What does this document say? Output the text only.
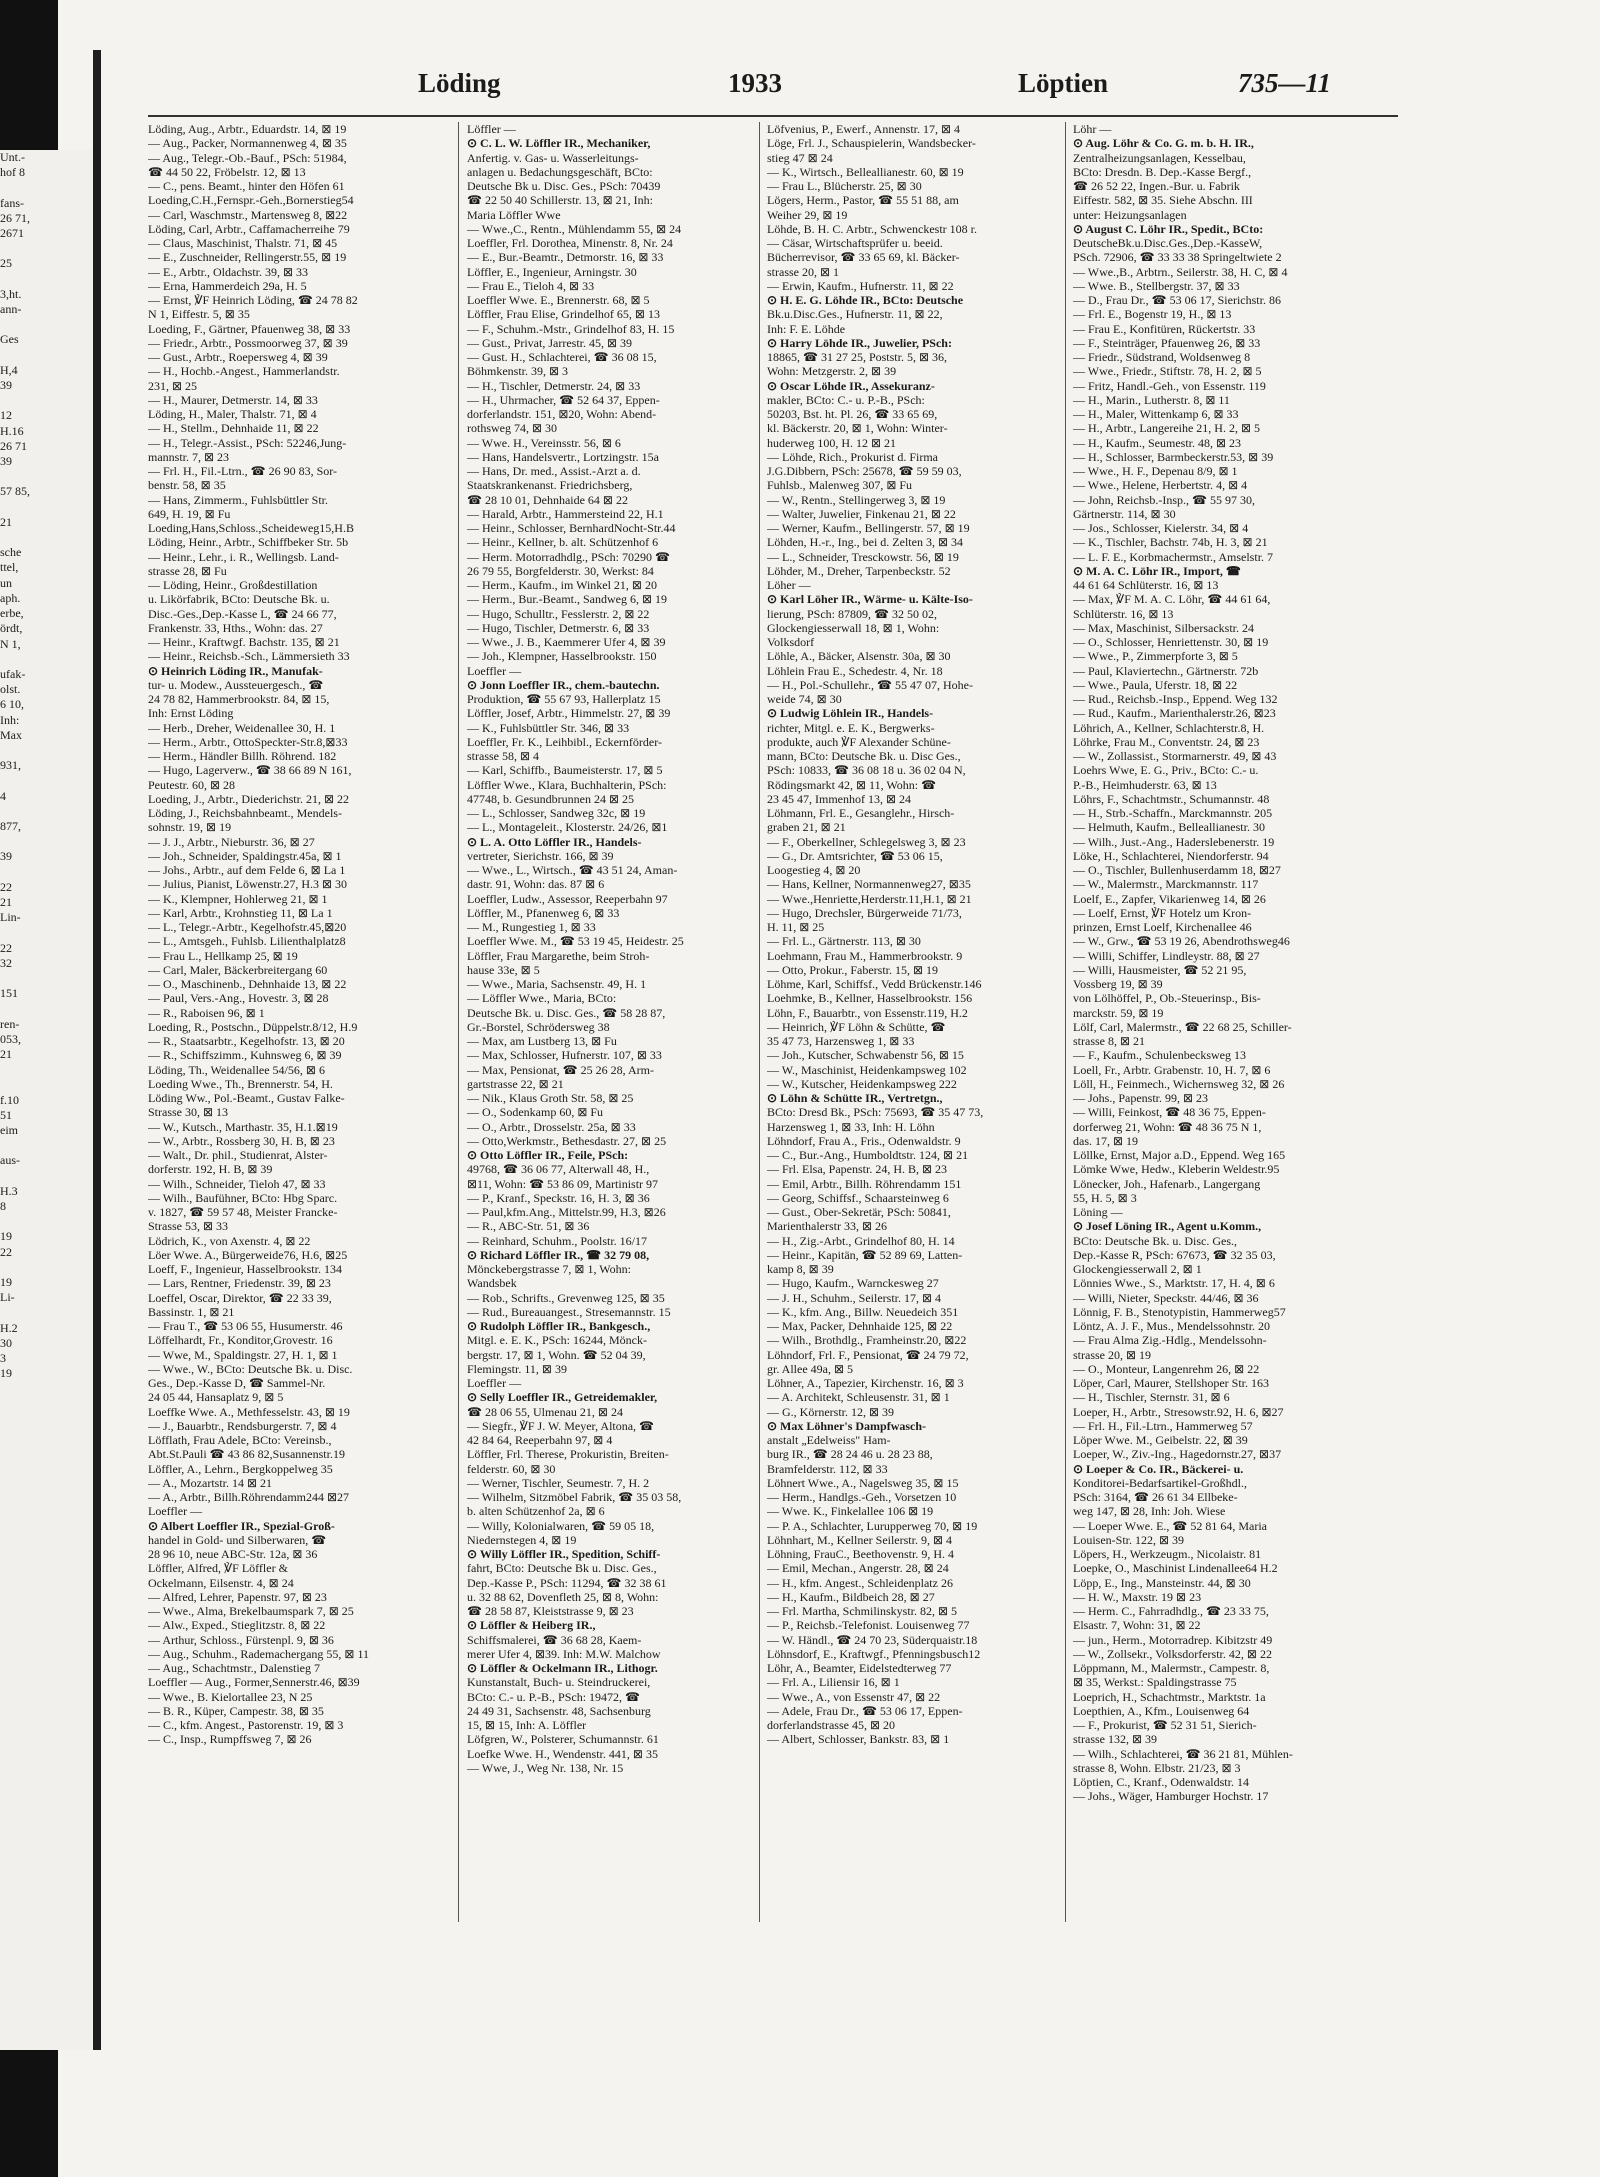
Unt.-
hof 8

fans-
26 71,
2671

25

3,ht.
ann-

Ges

H,4
39

12
H.16
26 71
39

57 85,

21

sche
ttel,
un
aph.
erbe,
ördt,
N 1,

ufak-
olst.
6 10,
Inh:
Max

931,

4

877,

39

22
21
Lin-

22
32

151

ren-
053,
21

f.10
51
eim

aus-

H.3
8

19
22

19
Li-

H.2
30
3
19
Löding	1933	Löptien	735—11
Löding, Aug., Arbtr., Eduardstr. 14, ⊠ 19
— Aug., Packer, Normannenweg 4, ⊠ 35
— Aug., Telegr.-Ob.-Bauf., PSch: 51984,
☎ 44 50 22, Fröbelstr. 12, ⊠ 13
— C., pens. Beamt., hinter den Höfen 61
Loeding,C.H.,Fernspr.-Geh.,Bornerstieg54
— Carl, Waschmstr., Martensweg 8, ⊠22
Löding, Carl, Arbtr., Caffamacherreihe 79
— Claus, Maschinist, Thalstr. 71, ⊠ 45
— E., Zuschneider, Rellingerstr.55, ⊠ 19
— E., Arbtr., Oldachstr. 39, ⊠ 33
— Erna, Hammerdeich 29a, H. 5
— Ernst, ℣F Heinrich Löding, ☎ 24 78 82
N 1, Eiffestr. 5, ⊠ 35
Loeding, F., Gärtner, Pfauenweg 38, ⊠ 33
— Friedr., Arbtr., Possmoorweg 37, ⊠ 39
— Gust., Arbtr., Roepersweg 4, ⊠ 39
— H., Hochb.-Angest., Hammerlandstr.
231, ⊠ 25
— H., Maurer, Detmerstr. 14, ⊠ 33
Löding, H., Maler, Thalstr. 71, ⊠ 4
— H., Stellm., Dehnhaide 11, ⊠ 22
— H., Telegr.-Assist., PSch: 52246,Jung-
mannstr. 7, ⊠ 23
— Frl. H., Fil.-Ltrn., ☎ 26 90 83, Sor-
benstr. 58, ⊠ 35
— Hans, Zimmerm., Fuhlsbüttler Str.
649, H. 19, ⊠ Fu
Loeding,Hans,Schloss.,Scheideweg15,H.B
Löding, Heinr., Arbtr., Schiffbeker Str. 5b
— Heinr., Lehr., i. R., Wellingsb. Land-
strasse 28, ⊠ Fu
— Löding, Heinr., Großdestillation
u. Likörfabrik, BCto: Deutsche Bk. u.
Disc.-Ges.,Dep.-Kasse L, ☎ 24 66 77,
Frankenstr. 33, Hths., Wohn: das. 27
— Heinr., Kraftwgf. Bachstr. 135, ⊠ 21
— Heinr., Reichsb.-Sch., Lämmersieth 33
⊙ Heinrich Löding IR., Manufak-
tur- u. Modew., Aussteuergesch., ☎
24 78 82, Hammerbrookstr. 84, ⊠ 15,
Inh: Ernst Löding
— Herb., Dreher, Weidenallee 30, H. 1
— Herm., Arbtr., OttoSpeckter-Str.8,⊠33
— Herm., Händler Billh. Röhrend. 182
— Hugo, Lagerverw., ☎ 38 66 89 N 161,
Peutestr. 60, ⊠ 28
Loeding, J., Arbtr., Diederichstr. 21, ⊠ 22
Löding, J., Reichsbahnbeamt., Mendels-
sohnstr. 19, ⊠ 19
— J. J., Arbtr., Nieburstr. 36, ⊠ 27
— Joh., Schneider, Spaldingstr.45a, ⊠ 1
— Johs., Arbtr., auf dem Felde 6, ⊠ La 1
— Julius, Pianist, Löwenstr.27, H.3 ⊠ 30
— K., Klempner, Hohlerweg 21, ⊠ 1
— Karl, Arbtr., Krohnstieg 11, ⊠ La 1
— L., Telegr.-Arbtr., Kegelhofstr.45,⊠20
— L., Amtsgeh., Fuhlsb. Lilienthalplatz8
— Frau L., Hellkamp 25, ⊠ 19
— Carl, Maler, Bäckerbreitergang 60
— O., Maschinenb., Dehnhaide 13, ⊠ 22
— Paul, Vers.-Ang., Hovestr. 3, ⊠ 28
— R., Raboisen 96, ⊠ 1
Loeding, R., Postschn., Düppelstr.8/12, H.9
— R., Staatsarbtr., Kegelhofstr. 13, ⊠ 20
— R., Schiffszimm., Kuhnsweg 6, ⊠ 39
Löding, Th., Weidenallee 54/56, ⊠ 6
Loeding Wwe., Th., Brennerstr. 54, H.
Löding Ww., Pol.-Beamt., Gustav Falke-
Strasse 30, ⊠ 13
— W., Kutsch., Marthastr. 35, H.1.⊠19
— W., Arbtr., Rossberg 30, H. B, ⊠ 23
— Walt., Dr. phil., Studienrat, Alster-
dorferstr. 192, H. B, ⊠ 39
— Wilh., Schneider, Tieloh 47, ⊠ 33
— Wilh., Baufühner, BCto: Hbg Sparc.
v. 1827, ☎ 59 57 48, Meister Francke-
Strasse 53, ⊠ 33
Lödrich, K., von Axenstr. 4, ⊠ 22
Löer Wwe. A., Bürgerweide76, H.6, ⊠25
Loeff, F., Ingenieur, Hasselbrookstr. 134
— Lars, Rentner, Friedenstr. 39, ⊠ 23
Loeffel, Oscar, Direktor, ☎ 22 33 39,
Bassinstr. 1, ⊠ 21
— Frau T., ☎ 53 06 55, Husumerstr. 46
Löffelhardt, Fr., Konditor,Grovestr. 16
— Wwe, M., Spaldingstr. 27, H. 1, ⊠ 1
— Wwe., W., BCto: Deutsche Bk. u. Disc.
Ges., Dep.-Kasse D, ☎ Sammel-Nr.
24 05 44, Hansaplatz 9, ⊠ 5
Loeffke Wwe. A., Methfesselstr. 43, ⊠ 19
— J., Bauarbtr., Rendsburgerstr. 7, ⊠ 4
Löfflath, Frau Adele, BCto: Vereinsb.,
Abt.St.Pauli ☎ 43 86 82,Susannenstr.19
Löffler, A., Lehrn., Bergkoppelweg 35
— A., Mozartstr. 14 ⊠ 21
— A., Arbtr., Billh.Röhrendamm244 ⊠27
Loeffler —
⊙ Albert Loeffler IR., Spezial-Groß-
handel in Gold- und Silberwaren, ☎
28 96 10, neue ABC-Str. 12a, ⊠ 36
Löffler, Alfred, ℣F Löffler &
Ockelmann, Eilsenstr. 4, ⊠ 24
— Alfred, Lehrer, Papenstr. 97, ⊠ 23
— Wwe., Alma, Brekelbaumspark 7, ⊠ 25
— Alw., Exped., Stieglitzstr. 8, ⊠ 22
— Arthur, Schloss., Fürstenpl. 9, ⊠ 36
— Aug., Schuhm., Rademachergang 55, ⊠ 11
— Aug., Schachtmstr., Dalenstieg 7
Loeffler — Aug., Former,Sennerstr.46, ⊠39
— Wwe., B. Kielortallee 23, N 25
— B. R., Küper, Campestr. 38, ⊠ 35
— C., kfm. Angest., Pastorenstr. 19, ⊠ 3
— C., Insp., Rumpffsweg 7, ⊠ 26
Löffler —
⊙ C. L. W. Löffler IR., Mechaniker,
Anfertig. v. Gas- u. Wasserleitungs-
anlagen u. Bedachungsgeschäft, BCto:
Deutsche Bk u. Disc. Ges., PSch: 70439
☎ 22 50 40 Schillerstr. 13, ⊠ 21, Inh:
Maria Löffler Wwe
— Wwe.,C., Rentn., Mühlendamm 55, ⊠ 24
Loeffler, Frl. Dorothea, Minenstr. 8, Nr. 24
— E., Bur.-Beamtr., Detmorstr. 16, ⊠ 33
Löffler, E., Ingenieur, Arningstr. 30
— Frau E., Tieloh 4, ⊠ 33
Loeffler Wwe. E., Brennerstr. 68, ⊠ 5
Löffler, Frau Elise, Grindelhof 65, ⊠ 13
— F., Schuhm.-Mstr., Grindelhof 83, H. 15
— Gust., Privat, Jarrestr. 45, ⊠ 39
— Gust. H., Schlachterei, ☎ 36 08 15,
Böhmkenstr. 39, ⊠ 3
— H., Tischler, Detmerstr. 24, ⊠ 33
— H., Uhrmacher, ☎ 52 64 37, Eppen-
dorferlandstr. 151, ⊠20, Wohn: Abend-
rothsweg 74, ⊠ 30
— Wwe. H., Vereinsstr. 56, ⊠ 6
— Hans, Handelsvertr., Lortzingstr. 15a
— Hans, Dr. med., Assist.-Arzt a. d.
Staatskrankenanst. Friedrichsberg,
☎ 28 10 01, Dehnhaide 64 ⊠ 22
— Harald, Arbtr., Hammersteind 22, H.1
— Heinr., Schlosser, BernhardNocht-Str.44
— Heinr., Kellner, b. alt. Schützenhof 6
— Herm. Motorradhdlg., PSch: 70290 ☎
26 79 55, Borgfelderstr. 30, Werkst: 84
— Herm., Kaufm., im Winkel 21, ⊠ 20
— Herm., Bur.-Beamt., Sandweg 6, ⊠ 19
— Hugo, Schulltr., Fesslerstr. 2, ⊠ 22
— Hugo, Tischler, Detmerstr. 6, ⊠ 33
— Wwe., J. B., Kaemmerer Ufer 4, ⊠ 39
— Joh., Klempner, Hasselbrookstr. 150
Loeffler —
⊙ Jonn Loeffler IR., chem.-bautechn.
Produktion, ☎ 55 67 93, Hallerplatz 15
Löffler, Josef, Arbtr., Himmelstr. 27, ⊠ 39
— K., Fuhlsbüttler Str. 346, ⊠ 33
Loeffler, Fr. K., Leihbibl., Eckernförder-
strasse 58, ⊠ 4
— Karl, Schiffb., Baumeisterstr. 17, ⊠ 5
Löffler Wwe., Klara, Buchhalterin, PSch:
47748, b. Gesundbrunnen 24 ⊠ 25
— L., Schlosser, Sandweg 32c, ⊠ 19
— L., Montageleit., Klosterstr. 24/26, ⊠1
⊙ L. A. Otto Löffler IR., Handels-
vertreter, Sierichstr. 166, ⊠ 39
— Wwe., L., Wirtsch., ☎ 43 51 24, Aman-
dastr. 91, Wohn: das. 87 ⊠ 6
Loeffler, Ludw., Assessor, Reeperbahn 97
Löffler, M., Pfanenweg 6, ⊠ 33
— M., Rungestieg 1, ⊠ 33
Loeffler Wwe. M., ☎ 53 19 45, Heidestr. 25
Löffler, Frau Margarethe, beim Stroh-
hause 33e, ⊠ 5
— Wwe., Maria, Sachsenstr. 49, H. 1
— Löffler Wwe., Maria, BCto:
Deutsche Bk. u. Disc. Ges., ☎ 58 28 87,
Gr.-Borstel, Schrödersweg 38
— Max, am Lustberg 13, ⊠ Fu
— Max, Schlosser, Hufnerstr. 107, ⊠ 33
— Max, Pensionat, ☎ 25 26 28, Arm-
gartstrasse 22, ⊠ 21
— Nik., Klaus Groth Str. 58, ⊠ 25
— O., Sodenkamp 60, ⊠ Fu
— O., Arbtr., Drosselstr. 25a, ⊠ 33
— Otto,Werkmstr., Bethesdastr. 27, ⊠ 25
⊙ Otto Löffler IR., Feile, PSch:
49768, ☎ 36 06 77, Alterwall 48, H.,
⊠11, Wohn: ☎ 53 86 09, Martinistr 97
— P., Kranf., Speckstr. 16, H. 3, ⊠ 36
— Paul,kfm.Ang., Mittelstr.99, H.3, ⊠26
— R., ABC-Str. 51, ⊠ 36
— Reinhard, Schuhm., Poolstr. 16/17
⊙ Richard Löffler IR., ☎ 32 79 08,
Mönckebergstrasse 7, ⊠ 1, Wohn:
Wandsbek
— Rob., Schrifts., Grevenweg 125, ⊠ 35
— Rud., Bureauangest., Stresemannstr. 15
⊙ Rudolph Löffler IR., Bankgesch.,
Mitgl. e. E. K., PSch: 16244, Mönck-
bergstr. 17, ⊠ 1, Wohn. ☎ 52 04 39,
Flemingstr. 11, ⊠ 39
Loeffler —
⊙ Selly Loeffler IR., Getreidemakler,
☎ 28 06 55, Ulmenau 21, ⊠ 24
— Siegfr., ℣F J. W. Meyer, Altona, ☎
42 84 64, Reeperbahn 97, ⊠ 4
Löffler, Frl. Therese, Prokuristin, Breiten-
felderstr. 60, ⊠ 30
— Werner, Tischler, Seumestr. 7, H. 2
— Wilhelm, Sitzmöbel Fabrik, ☎ 35 03 58,
b. alten Schützenhof 2a, ⊠ 6
— Willy, Kolonialwaren, ☎ 59 05 18,
Niedernstegen 4, ⊠ 19
⊙ Willy Löffler IR., Spedition, Schiff-
fahrt, BCto: Deutsche Bk u. Disc. Ges.,
Dep.-Kasse P., PSch: 11294, ☎ 32 38 61
u. 32 88 62, Dovenfleth 25, ⊠ 8, Wohn:
☎ 28 58 87, Kleiststrasse 9, ⊠ 23
⊙ Löffler & Heiberg IR.,
Schiffsmalerei, ☎ 36 68 28, Kaem-
merer Ufer 4, ⊠39. Inh: M.W. Malchow
⊙ Löffler & Ockelmann IR., Lithogr.
Kunstanstalt, Buch- u. Steindruckerei,
BCto: C.- u. P.-B., PSch: 19472, ☎
24 49 31, Sachsenstr. 48, Sachsenburg
15, ⊠ 15, Inh: A. Löffler
Löfgren, W., Polsterer, Schumannstr. 61
Loefke Wwe. H., Wendenstr. 441, ⊠ 35
— Wwe, J., Weg Nr. 138, Nr. 15
Löfvenius, P., Ewerf., Annenstr. 17, ⊠ 4
Löge, Frl. J., Schauspielerin, Wandsbecker-
stieg 47 ⊠ 24
— K., Wirtsch., Belleallianestr. 60, ⊠ 19
— Frau L., Blücherstr. 25, ⊠ 30
Lögers, Herm., Pastor, ☎ 55 51 88, am
Weiher 29, ⊠ 19
Löhde, B. H. C. Arbtr., Schwenckestr 108 r.
— Cäsar, Wirtschaftsprüfer u. beeid.
Bücherrevisor, ☎ 33 65 69, kl. Bäcker-
strasse 20, ⊠ 1
— Erwin, Kaufm., Hufnerstr. 11, ⊠ 22
⊙ H. E. G. Löhde IR., BCto: Deutsche
Bk.u.Disc.Ges., Hufnerstr. 11, ⊠ 22,
Inh: F. E. Löhde
⊙ Harry Löhde IR., Juwelier, PSch:
18865, ☎ 31 27 25, Poststr. 5, ⊠ 36,
Wohn: Metzgerstr. 2, ⊠ 39
⊙ Oscar Löhde IR., Assekuranz-
makler, BCto: C.- u. P.-B., PSch:
50203, Bst. ht. Pl. 26, ☎ 33 65 69,
kl. Bäckerstr. 20, ⊠ 1, Wohn: Winter-
huderweg 100, H. 12 ⊠ 21
— Löhde, Rich., Prokurist d. Firma
J.G.Dibbern, PSch: 25678, ☎ 59 59 03,
Fuhlsb., Malenweg 307, ⊠ Fu
— W., Rentn., Stellingerweg 3, ⊠ 19
— Walter, Juwelier, Finkenau 21, ⊠ 22
— Werner, Kaufm., Bellingerstr. 57, ⊠ 19
Löhden, H.-r., Ing., bei d. Zelten 3, ⊠ 34
— L., Schneider, Tresckowstr. 56, ⊠ 19
Löhder, M., Dreher, Tarpenbeckstr. 52
Löher —
⊙ Karl Löher IR., Wärme- u. Kälte-Iso-
lierung, PSch: 87809, ☎ 32 50 02,
Glockengiesserwall 18, ⊠ 1, Wohn:
Volksdorf
Löhle, A., Bäcker, Alsenstr. 30a, ⊠ 30
Löhlein Frau E., Schedestr. 4, Nr. 18
— H., Pol.-Schullehr., ☎ 55 47 07, Hohe-
weide 74, ⊠ 30
⊙ Ludwig Löhlein IR., Handels-
richter, Mitgl. e. E. K., Bergwerks-
produkte, auch ℣F Alexander Schüne-
mann, BCto: Deutsche Bk. u. Disc Ges.,
PSch: 10833, ☎ 36 08 18 u. 36 02 04 N,
Rödingsmarkt 42, ⊠ 11, Wohn: ☎
23 45 47, Immenhof 13, ⊠ 24
Löhmann, Frl. E., Gesanglehr., Hirsch-
graben 21, ⊠ 21
— F., Oberkellner, Schlegelsweg 3, ⊠ 23
— G., Dr. Amtsrichter, ☎ 53 06 15,
Loogestieg 4, ⊠ 20
— Hans, Kellner, Normannenweg27, ⊠35
— Wwe.,Henriette,Herderstr.11,H.1, ⊠ 21
— Hugo, Drechsler, Bürgerweide 71/73,
H. 11, ⊠ 25
— Frl. L., Gärtnerstr. 113, ⊠ 30
Loehmann, Frau M., Hammerbrookstr. 9
— Otto, Prokur., Faberstr. 15, ⊠ 19
Löhme, Karl, Schiffsf., Vedd Brückenstr.146
Loehmke, B., Kellner, Hasselbrookstr. 156
Löhn, F., Bauarbtr., von Essenstr.119, H.2
— Heinrich, ℣F Löhn & Schütte, ☎
35 47 73, Harzensweg 1, ⊠ 33
— Joh., Kutscher, Schwabenstr 56, ⊠ 15
— W., Maschinist, Heidenkampsweg 102
— W., Kutscher, Heidenkampsweg 222
⊙ Löhn & Schütte IR., Vertretgn.,
BCto: Dresd Bk., PSch: 75693, ☎ 35 47 73,
Harzensweg 1, ⊠ 33, Inh: H. Löhn
Löhndorf, Frau A., Fris., Odenwaldstr. 9
— C., Bur.-Ang., Humboldtstr. 124, ⊠ 21
— Frl. Elsa, Papenstr. 24, H. B, ⊠ 23
— Emil, Arbtr., Billh. Röhrendamm 151
— Georg, Schiffsf., Schaarsteinweg 6
— Gust., Ober-Sekretär, PSch: 50841,
Marienthalerstr 33, ⊠ 26
— H., Zig.-Arbt., Grindelhof 80, H. 14
— Heinr., Kapitän, ☎ 52 89 69, Latten-
kamp 8, ⊠ 39
— Hugo, Kaufm., Warnckesweg 27
— J. H., Schuhm., Seilerstr. 17, ⊠ 4
— K., kfm. Ang., Billw. Neuedeich 351
— Max, Packer, Dehnhaide 125, ⊠ 22
— Wilh., Brothdlg., Framheinstr.20, ⊠22
Löhndorf, Frl. F., Pensionat, ☎ 24 79 72,
gr. Allee 49a, ⊠ 5
Löhner, A., Tapezier, Kirchenstr. 16, ⊠ 3
— A. Architekt, Schleusenstr. 31, ⊠ 1
— G., Körnerstr. 12, ⊠ 39
⊙ Max Löhner's Dampfwasch-
anstalt „Edelweiss" Ham-
burg IR., ☎ 28 24 46 u. 28 23 88,
Bramfelderstr. 112, ⊠ 33
Löhnert Wwe., A., Nagelsweg 35, ⊠ 15
— Herm., Handlgs.-Geh., Vorsetzen 10
— Wwe. K., Finkelallee 106 ⊠ 19
— P. A., Schlachter, Lurupperweg 70, ⊠ 19
Löhnhart, M., Kellner Seilerstr. 9, ⊠ 4
Löhning, FrauC., Beethovenstr. 9, H. 4
— Emil, Mechan., Angerstr. 28, ⊠ 24
— H., kfm. Angest., Schleidenplatz 26
— H., Kaufm., Bildbeich 28, ⊠ 27
— Frl. Martha, Schmilinskystr. 82, ⊠ 5
— P., Reichsb.-Telefonist. Louisenweg 77
— W. Händl., ☎ 24 70 23, Süderquaistr.18
Löhnsdorf, E., Kraftwgf., Pfenningsbusch12
Löhr, A., Beamter, Eidelstedterweg 77
— Frl. A., Liliensir 16, ⊠ 1
— Wwe., A., von Essenstr 47, ⊠ 22
— Adele, Frau Dr., ☎ 53 06 17, Eppen-
dorferlandstrasse 45, ⊠ 20
— Albert, Schlosser, Bankstr. 83, ⊠ 1
Löhr —
⊙ Aug. Löhr & Co. G. m. b. H. IR.,
Zentralheizungsanlagen, Kesselbau,
BCto: Dresdn. B. Dep.-Kasse Bergf.,
☎ 26 52 22, Ingen.-Bur. u. Fabrik
Eiffestr. 582, ⊠ 35. Siehe Abschn. III
unter: Heizungsanlagen
⊙ August C. Löhr IR., Spedit., BCto:
DeutscheBk.u.Disc.Ges.,Dep.-KasseW,
PSch. 72906, ☎ 33 33 38 Springeltwiete 2
— Wwe.,B., Arbtrn., Seilerstr. 38, H. C, ⊠ 4
— Wwe. B., Stellbergstr. 37, ⊠ 33
— D., Frau Dr., ☎ 53 06 17, Sierichstr. 86
— Frl. E., Bogenstr 19, H., ⊠ 13
— Frau E., Konfitüren, Rückertstr. 33
— F., Steinträger, Pfauenweg 26, ⊠ 33
— Friedr., Südstrand, Woldsenweg 8
— Wwe., Friedr., Stiftstr. 78, H. 2, ⊠ 5
— Fritz, Handl.-Geh., von Essenstr. 119
— H., Marin., Lutherstr. 8, ⊠ 11
— H., Maler, Wittenkamp 6, ⊠ 33
— H., Arbtr., Langereihe 21, H. 2, ⊠ 5
— H., Kaufm., Seumestr. 48, ⊠ 23
— H., Schlosser, Barmbeckerstr.53, ⊠ 39
— Wwe., H. F., Depenau 8/9, ⊠ 1
— Wwe., Helene, Herbertstr. 4, ⊠ 4
— John, Reichsb.-Insp., ☎ 55 97 30,
Gärtnerstr. 114, ⊠ 30
— Jos., Schlosser, Kielerstr. 34, ⊠ 4
— K., Tischler, Bachstr. 74b, H. 3, ⊠ 21
— L. F. E., Korbmachermstr., Amselstr. 7
⊙ M. A. C. Löhr IR., Import, ☎
44 61 64 Schlüterstr. 16, ⊠ 13
— Max, ℣F M. A. C. Löhr, ☎ 44 61 64,
Schlüterstr. 16, ⊠ 13
— Max, Maschinist, Silbersackstr. 24
— O., Schlosser, Henriettenstr. 30, ⊠ 19
— Wwe., P., Zimmerpforte 3, ⊠ 5
— Paul, Klaviertechn., Gärtnerstr. 72b
— Wwe., Paula, Uferstr. 18, ⊠ 22
— Rud., Reichsb.-Insp., Eppend. Weg 132
— Rud., Kaufm., Marienthalerstr.26, ⊠23
Löhrich, A., Kellner, Schlachterstr.8, H.
Löhrke, Frau M., Conventstr. 24, ⊠ 23
— W., Zollassist., Stormarnerstr. 49, ⊠ 43
Loehrs Wwe, E. G., Priv., BCto: C.- u.
P.-B., Heimhuderstr. 63, ⊠ 13
Löhrs, F., Schachtmstr., Schumannstr. 48
— H., Strb.-Schaffn., Marckmannstr. 205
— Helmuth, Kaufm., Belleallianestr. 30
— Wilh., Just.-Ang., Haderslebenerstr. 19
Löke, H., Schlachterei, Niendorferstr. 94
— O., Tischler, Bullenhuserdamm 18, ⊠27
— W., Malermstr., Marckmannstr. 117
Loelf, E., Zapfer, Vikarienweg 14, ⊠ 26
— Loelf, Ernst, ℣F Hotelz um Kron-
prinzen, Ernst Loelf, Kirchenallee 46
— W., Grw., ☎ 53 19 26, Abendrothsweg46
— Willi, Schiffer, Lindleystr. 88, ⊠ 27
— Willi, Hausmeister, ☎ 52 21 95,
Vossberg 19, ⊠ 39
von Lölhöffel, P., Ob.-Steuerinsp., Bis-
marckstr. 59, ⊠ 19
Lölf, Carl, Malermstr., ☎ 22 68 25, Schiller-
strasse 8, ⊠ 21
— F., Kaufm., Schulenbecksweg 13
Loell, Fr., Arbtr. Grabenstr. 10, H. 7, ⊠ 6
Löll, H., Feinmech., Wichernsweg 32, ⊠ 26
— Johs., Papenstr. 99, ⊠ 23
— Willi, Feinkost, ☎ 48 36 75, Eppen-
dorferweg 21, Wohn: ☎ 48 36 75 N 1,
das. 17, ⊠ 19
Löllke, Ernst, Major a.D., Eppend. Weg 165
Lömke Wwe, Hedw., Kleberin Weldestr.95
Lönecker, Joh., Hafenarb., Langergang
55, H. 5, ⊠ 3
Löning —
⊙ Josef Löning IR., Agent u.Komm.,
BCto: Deutsche Bk. u. Disc. Ges.,
Dep.-Kasse R, PSch: 67673, ☎ 32 35 03,
Glockengiesserwall 2, ⊠ 1
Lönnies Wwe., S., Marktstr. 17, H. 4, ⊠ 6
— Willi, Nieter, Speckstr. 44/46, ⊠ 36
Lönnig, F. B., Stenotypistin, Hammerweg57
Löntz, A. J. F., Mus., Mendelssohnstr. 20
— Frau Alma Zig.-Hdlg., Mendelssohn-
strasse 20, ⊠ 19
— O., Monteur, Langenrehm 26, ⊠ 22
Löper, Carl, Maurer, Stellshoper Str. 163
— H., Tischler, Sternstr. 31, ⊠ 6
Loeper, H., Arbtr., Stresowstr.92, H. 6, ⊠27
— Frl. H., Fil.-Ltrn., Hammerweg 57
Löper Wwe. M., Geibelstr. 22, ⊠ 39
Loeper, W., Ziv.-Ing., Hagedornstr.27, ⊠37
⊙ Loeper & Co. IR., Bäckerei- u.
Konditorei-Bedarfsartikel-Großhdl.,
PSch: 3164, ☎ 26 61 34 Ellbeke-
weg 147, ⊠ 28, Inh: Joh. Wiese
— Loeper Wwe. E., ☎ 52 81 64, Maria
Louisen-Str. 122, ⊠ 39
Löpers, H., Werkzeugm., Nicolaistr. 81
Loepke, O., Maschinist Lindenallee64 H.2
Löpp, E., Ing., Mansteinstr. 44, ⊠ 30
— H. W., Maxstr. 19 ⊠ 23
— Herm. C., Fahrradhdlg., ☎ 23 33 75,
Elsastr. 7, Wohn: 31, ⊠ 22
— jun., Herm., Motorradrep. Kibitzstr 49
— W., Zollsekr., Volksdorferstr. 42, ⊠ 22
Löppmann, M., Malermstr., Campestr. 8,
⊠ 35, Werkst.: Spaldingstrasse 75
Loeprich, H., Schachtmstr., Marktstr. 1a
Loepthien, A., Kfm., Louisenweg 64
— F., Prokurist, ☎ 52 31 51, Sierich-
strasse 132, ⊠ 39
— Wilh., Schlachterei, ☎ 36 21 81, Mühlen-
strasse 8, Wohn. Elbstr. 21/23, ⊠ 3
Löptien, C., Kranf., Odenwaldstr. 14
— Johs., Wäger, Hamburger Hochstr. 17
